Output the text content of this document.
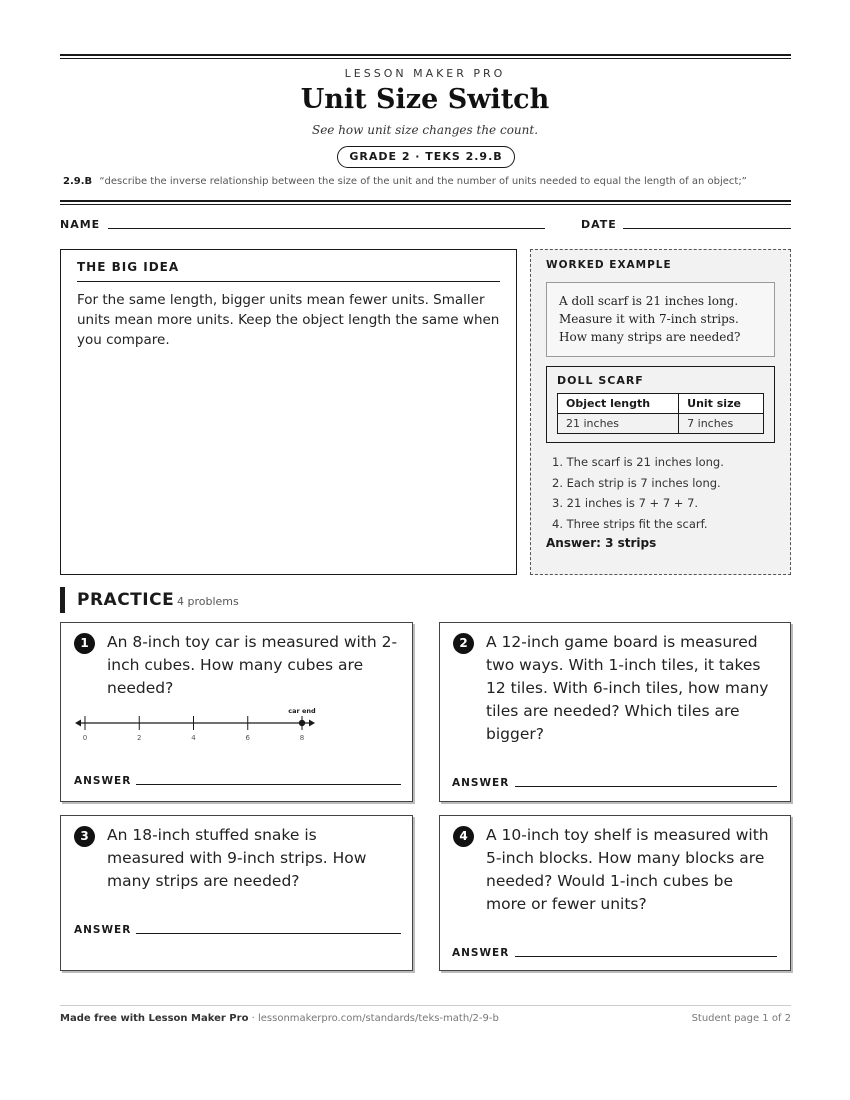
LESSON MAKER PRO
Unit Size Switch
See how unit size changes the count.
GRADE 2 · TEKS 2.9.B
2.9.B “describe the inverse relationship between the size of the unit and the number of units needed to equal the length of an object;”
NAME	DATE
THE BIG IDEA
For the same length, bigger units mean fewer units. Smaller units mean more units. Keep the object length the same when you compare.
WORKED EXAMPLE
A doll scarf is 21 inches long. Measure it with 7-inch strips. How many strips are needed?
DOLL SCARF
Object length	Unit size
21 inches	7 inches
1. The scarf is 21 inches long.
2. Each strip is 7 inches long.
3. 21 inches is 7 + 7 + 7.
4. Three strips fit the scarf.
Answer: 3 strips
PRACTICE 4 problems
1	An 8-inch toy car is measured with 2-inch cubes. How many cubes are needed?
ANSWER
0	2	4	6	8
car end
2	A 12-inch game board is measured two ways. With 1-inch tiles, it takes 12 tiles. With 6-inch tiles, how many tiles are needed? Which tiles are bigger?
ANSWER
3	An 18-inch stuffed snake is measured with 9-inch strips. How many strips are needed?
ANSWER
4	A 10-inch toy shelf is measured with 5-inch blocks. How many blocks are needed? Would 1-inch cubes be more or fewer units?
ANSWER
Made free with Lesson Maker Pro · lessonmakerpro.com/standards/teks-math/2-9-b	Student page 1 of 2
